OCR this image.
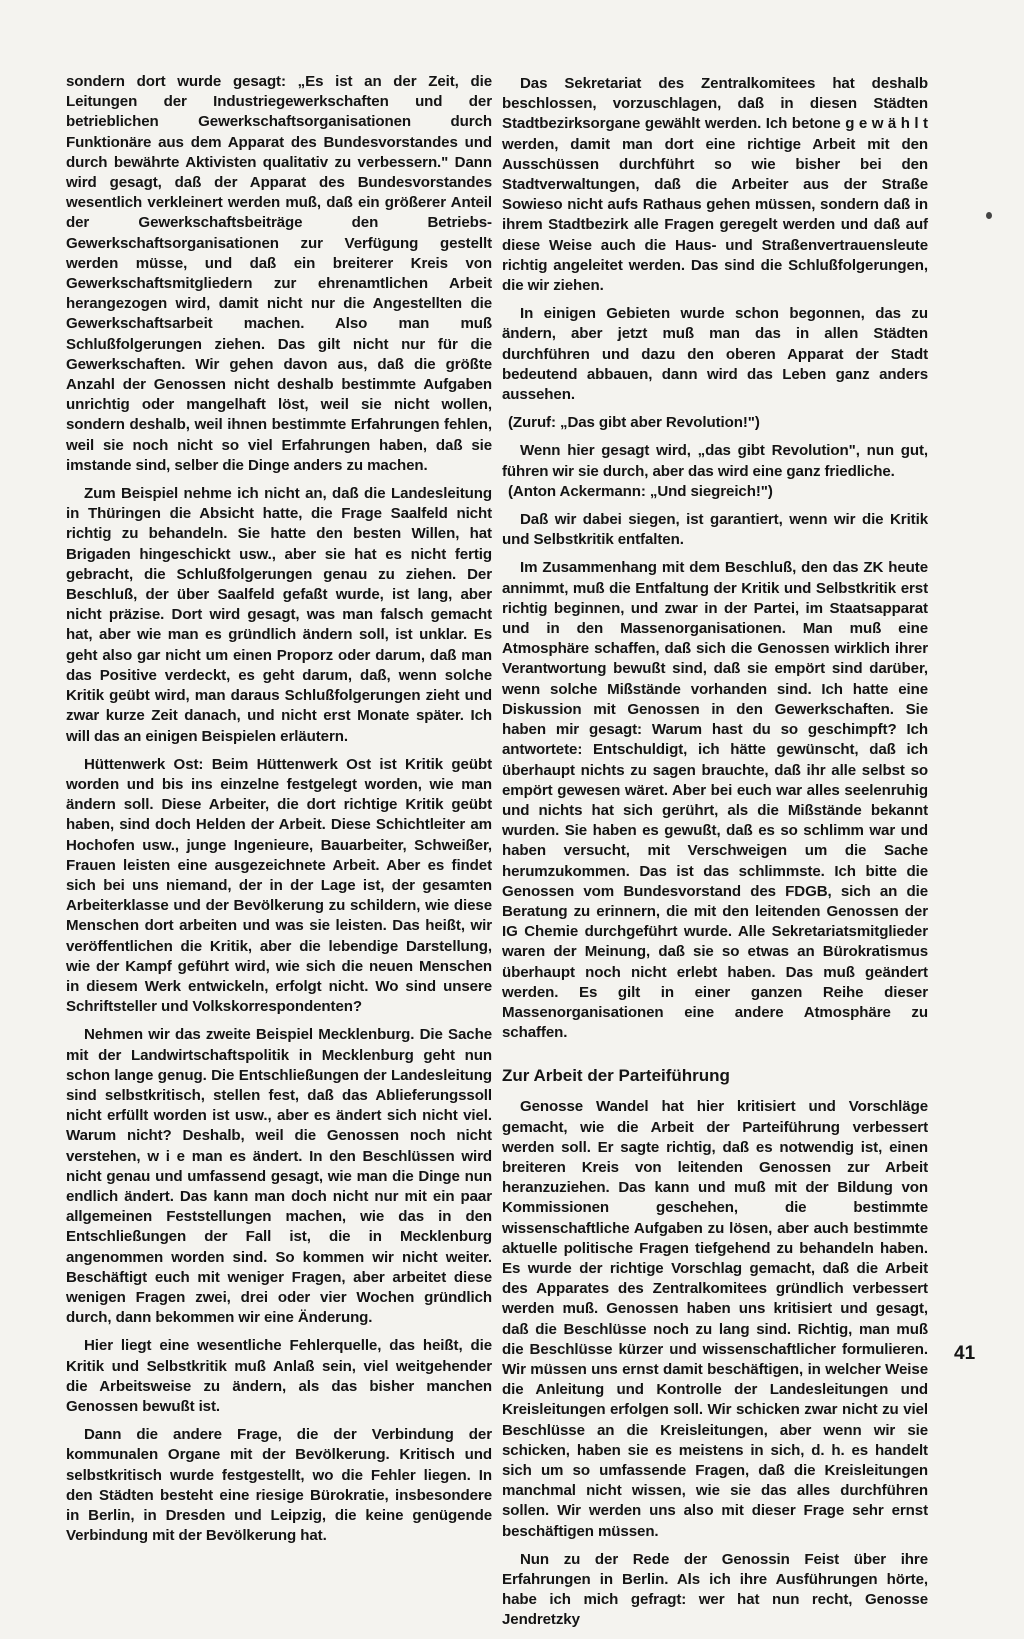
sondern dort wurde gesagt: „Es ist an der Zeit, die Leitungen der Industriegewerkschaften und der betrieblichen Gewerkschaftsorganisationen durch Funktionäre aus dem Apparat des Bundesvorstandes und durch bewährte Aktivisten qualitativ zu verbessern." Dann wird gesagt, daß der Apparat des Bundesvorstandes wesentlich verkleinert werden muß, daß ein größerer Anteil der Gewerkschaftsbeiträge den Betriebs-Gewerkschaftsorganisationen zur Verfügung gestellt werden müsse, und daß ein breiterer Kreis von Gewerkschaftsmitgliedern zur ehrenamtlichen Arbeit herangezogen wird, damit nicht nur die Angestellten die Gewerkschaftsarbeit machen. Also man muß Schlußfolgerungen ziehen. Das gilt nicht nur für die Gewerkschaften. Wir gehen davon aus, daß die größte Anzahl der Genossen nicht deshalb bestimmte Aufgaben unrichtig oder mangelhaft löst, weil sie nicht wollen, sondern deshalb, weil ihnen bestimmte Erfahrungen fehlen, weil sie noch nicht so viel Erfahrungen haben, daß sie imstande sind, selber die Dinge anders zu machen.

Zum Beispiel nehme ich nicht an, daß die Landesleitung in Thüringen die Absicht hatte, die Frage Saalfeld nicht richtig zu behandeln. Sie hatte den besten Willen, hat Brigaden hingeschickt usw., aber sie hat es nicht fertig gebracht, die Schlußfolgerungen genau zu ziehen. Der Beschluß, der über Saalfeld gefaßt wurde, ist lang, aber nicht präzise. Dort wird gesagt, was man falsch gemacht hat, aber wie man es gründlich ändern soll, ist unklar. Es geht also gar nicht um einen Proporz oder darum, daß man das Positive verdeckt, es geht darum, daß, wenn solche Kritik geübt wird, man daraus Schlußfolgerungen zieht und zwar kurze Zeit danach, und nicht erst Monate später. Ich will das an einigen Beispielen erläutern.

Hüttenwerk Ost: Beim Hüttenwerk Ost ist Kritik geübt worden und bis ins einzelne festgelegt worden, wie man ändern soll. Diese Arbeiter, die dort richtige Kritik geübt haben, sind doch Helden der Arbeit. Diese Schichtleiter am Hochofen usw., junge Ingenieure, Bauarbeiter, Schweißer, Frauen leisten eine ausgezeichnete Arbeit. Aber es findet sich bei uns niemand, der in der Lage ist, der gesamten Arbeiterklasse und der Bevölkerung zu schildern, wie diese Menschen dort arbeiten und was sie leisten. Das heißt, wir veröffentlichen die Kritik, aber die lebendige Darstellung, wie der Kampf geführt wird, wie sich die neuen Menschen in diesem Werk entwickeln, erfolgt nicht. Wo sind unsere Schriftsteller und Volkskorrespondenten?

Nehmen wir das zweite Beispiel Mecklenburg. Die Sache mit der Landwirtschaftspolitik in Mecklenburg geht nun schon lange genug. Die Entschließungen der Landesleitung sind selbstkritisch, stellen fest, daß das Ablieferungssoll nicht erfüllt worden ist usw., aber es ändert sich nicht viel. Warum nicht? Deshalb, weil die Genossen noch nicht verstehen, w i e man es ändert. In den Beschlüssen wird nicht genau und umfassend gesagt, wie man die Dinge nun endlich ändert. Das kann man doch nicht nur mit ein paar allgemeinen Feststellungen machen, wie das in den Entschließungen der Fall ist, die in Mecklenburg angenommen worden sind. So kommen wir nicht weiter. Beschäftigt euch mit weniger Fragen, aber arbeitet diese wenigen Fragen zwei, drei oder vier Wochen gründlich durch, dann bekommen wir eine Änderung.

Hier liegt eine wesentliche Fehlerquelle, das heißt, die Kritik und Selbstkritik muß Anlaß sein, viel weitgehender die Arbeitsweise zu ändern, als das bisher manchen Genossen bewußt ist.

Dann die andere Frage, die der Verbindung der kommunalen Organe mit der Bevölkerung. Kritisch und selbstkritisch wurde festgestellt, wo die Fehler liegen. In den Städten besteht eine riesige Bürokratie, insbesondere in Berlin, in Dresden und Leipzig, die keine genügende Verbindung mit der Bevölkerung hat.

Das Sekretariat des Zentralkomitees hat deshalb beschlossen, vorzuschlagen, daß in diesen Städten Stadtbezirksorgane gewählt werden. Ich betone g e w ä h l t werden, damit man dort eine richtige Arbeit mit den Ausschüssen durchführt so wie bisher bei den Stadtverwaltungen, daß die Arbeiter aus der Straße Sowieso nicht aufs Rathaus gehen müssen, sondern daß in ihrem Stadtbezirk alle Fragen geregelt werden und daß auf diese Weise auch die Haus- und Straßenvertrauensleute richtig angeleitet werden. Das sind die Schlußfolgerungen, die wir ziehen.

In einigen Gebieten wurde schon begonnen, das zu ändern, aber jetzt muß man das in allen Städten durchführen und dazu den oberen Apparat der Stadt bedeutend abbauen, dann wird das Leben ganz anders aussehen.

(Zuruf: „Das gibt aber Revolution!")

Wenn hier gesagt wird, „das gibt Revolution", nun gut, führen wir sie durch, aber das wird eine ganz friedliche.

(Anton Ackermann: „Und siegreich!")

Daß wir dabei siegen, ist garantiert, wenn wir die Kritik und Selbstkritik entfalten.

Im Zusammenhang mit dem Beschluß, den das ZK heute annimmt, muß die Entfaltung der Kritik und Selbstkritik erst richtig beginnen, und zwar in der Partei, im Staatsapparat und in den Massenorganisationen. Man muß eine Atmosphäre schaffen, daß sich die Genossen wirklich ihrer Verantwortung bewußt sind, daß sie empört sind darüber, wenn solche Mißstände vorhanden sind. Ich hatte eine Diskussion mit Genossen in den Gewerkschaften. Sie haben mir gesagt: Warum hast du so geschimpft? Ich antwortete: Entschuldigt, ich hätte gewünscht, daß ich überhaupt nichts zu sagen brauchte, daß ihr alle selbst so empört gewesen wäret. Aber bei euch war alles seelenruhig und nichts hat sich gerührt, als die Mißstände bekannt wurden. Sie haben es gewußt, daß es so schlimm war und haben versucht, mit Verschweigen um die Sache herumzukommen. Das ist das schlimmste. Ich bitte die Genossen vom Bundesvorstand des FDGB, sich an die Beratung zu erinnern, die mit den leitenden Genossen der IG Chemie durchgeführt wurde. Alle Sekretariatsmitglieder waren der Meinung, daß sie so etwas an Bürokratismus überhaupt noch nicht erlebt haben. Das muß geändert werden. Es gilt in einer ganzen Reihe dieser Massenorganisationen eine andere Atmosphäre zu schaffen.

Zur Arbeit der Parteiführung

Genosse Wandel hat hier kritisiert und Vorschläge gemacht, wie die Arbeit der Parteiführung verbessert werden soll. Er sagte richtig, daß es notwendig ist, einen breiteren Kreis von leitenden Genossen zur Arbeit heranzuziehen. Das kann und muß mit der Bildung von Kommissionen geschehen, die bestimmte wissenschaftliche Aufgaben zu lösen, aber auch bestimmte aktuelle politische Fragen tiefgehend zu behandeln haben. Es wurde der richtige Vorschlag gemacht, daß die Arbeit des Apparates des Zentralkomitees gründlich verbessert werden muß. Genossen haben uns kritisiert und gesagt, daß die Beschlüsse noch zu lang sind. Richtig, man muß die Beschlüsse kürzer und wissenschaftlicher formulieren. Wir müssen uns ernst damit beschäftigen, in welcher Weise die Anleitung und Kontrolle der Landesleitungen und Kreisleitungen erfolgen soll. Wir schicken zwar nicht zu viel Beschlüsse an die Kreisleitungen, aber wenn wir sie schicken, haben sie es meistens in sich, d. h. es handelt sich um so umfassende Fragen, daß die Kreisleitungen manchmal nicht wissen, wie sie das alles durchführen sollen. Wir werden uns also mit dieser Frage sehr ernst beschäftigen müssen.

Nun zu der Rede der Genossin Feist über ihre Erfahrungen in Berlin. Als ich ihre Ausführungen hörte, habe ich mich gefragt: wer hat nun recht, Genosse Jendretzky

41
